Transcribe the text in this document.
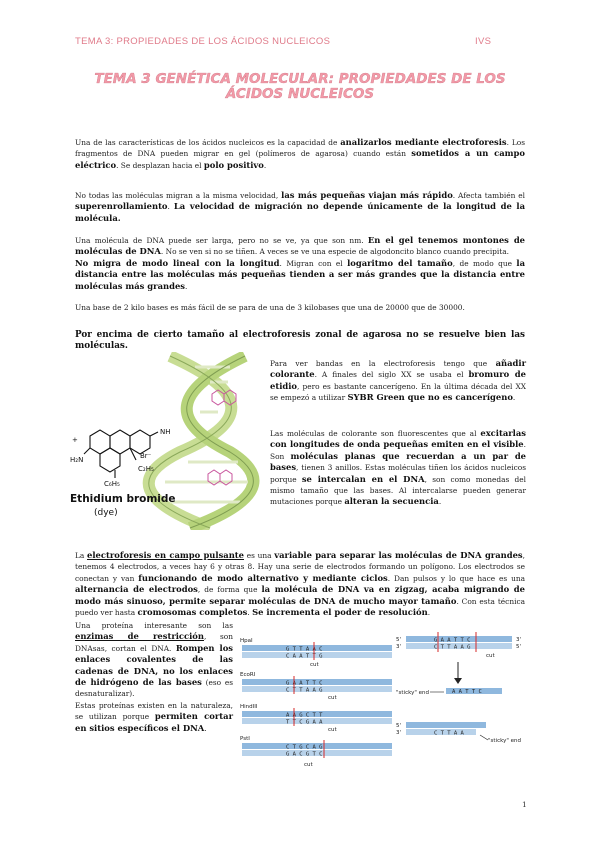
TEMA 3: PROPIEDADES DE LOS ÁCIDOS NUCLEICOS	IVS
TEMA 3 GENÉTICA MOLECULAR: PROPIEDADES DE LOS ÁCIDOS NUCLEICOS
Una de las características de los ácidos nucleicos es la capacidad de analizarlos mediante electroforesis. Los fragmentos de DNA pueden migrar en gel (polímeros de agarosa) cuando están sometidos a un campo eléctrico. Se desplazan hacia el polo positivo.
No todas las moléculas migran a la misma velocidad, las más pequeñas viajan más rápido. Afecta también el superenrollamiento. La velocidad de migración no depende únicamente de la longitud de la molécula.
Una molécula de DNA puede ser larga, pero no se ve, ya que son nm. En el gel tenemos montones de moléculas de DNA. No se ven si no se tiñen. A veces se ve una especie de algodoncito blanco cuando precipita.
No migra de modo lineal con la longitud. Migran con el logaritmo del tamaño, de modo que la distancia entre las moléculas más pequeñas tienden a ser más grandes que la distancia entre moléculas más grandes.
Una base de 2 kilo bases es más fácil de se para de una de 3 kilobases que una de 20000 que de 30000.
Por encima de cierto tamaño al electroforesis zonal de agarosa no se resuelve bien las moléculas.
+
NH
H₂N	Br⁻
C₂H₅
C₆H₅
Ethidium bromide
(dye)
Para ver bandas en la electroforesis tengo que añadir colorante. A finales del siglo XX se usaba el bromuro de etidio, pero es bastante cancerígeno. En la última década del XX se empezó a utilizar SYBR Green que no es cancerígeno.
Las moléculas de colorante son fluorescentes que al excitarlas con longitudes de onda pequeñas emiten en el visible. Son moléculas planas que recuerdan a un par de bases, tienen 3 anillos. Estas moléculas tiñen los ácidos nucleicos porque se intercalan en el DNA, son como monedas del mismo tamaño que las bases. Al intercalarse pueden generar mutaciones porque alteran la secuencia.
La electroforesis en campo pulsante es una variable para separar las moléculas de DNA grandes, tenemos 4 electrodos, a veces hay 6 y otras 8. Hay una serie de electrodos formando un polígono. Los electrodos se conectan y van funcionando de modo alternativo y mediante ciclos. Dan pulsos y lo que hace es una alternancia de electrodos, de forma que la molécula de DNA va en zigzag, acaba migrando de modo más sinuoso, permite separar moléculas de DNA de mucho mayor tamaño. Con esta técnica puedo ver hasta cromosomas completos. Se incrementa el poder de resolución.
Una proteína interesante son las enzimas de restricción, son DNAsas, cortan el DNA. Rompen los enlaces covalentes de las cadenas de DNA, no los enlaces de hidrógeno de las bases (eso es desnaturalizar).
Estas proteínas existen en la naturaleza, se utilizan porque permiten cortar en sitios específicos el DNA.
HpaI
G T T A A C
C A A T T G
cut
EcoRI
G A A T T C
C T T A A G
cut
HindIII
A A G C T T
T T C G A A
cut
PstI
C T G C A G
G A C G T C
cut
5'
3'
G A A T T C
C T T A A G
3'
5'
cut
"sticky" end	A A T T C
C T T A A
5'
3'
"sticky" end
1
